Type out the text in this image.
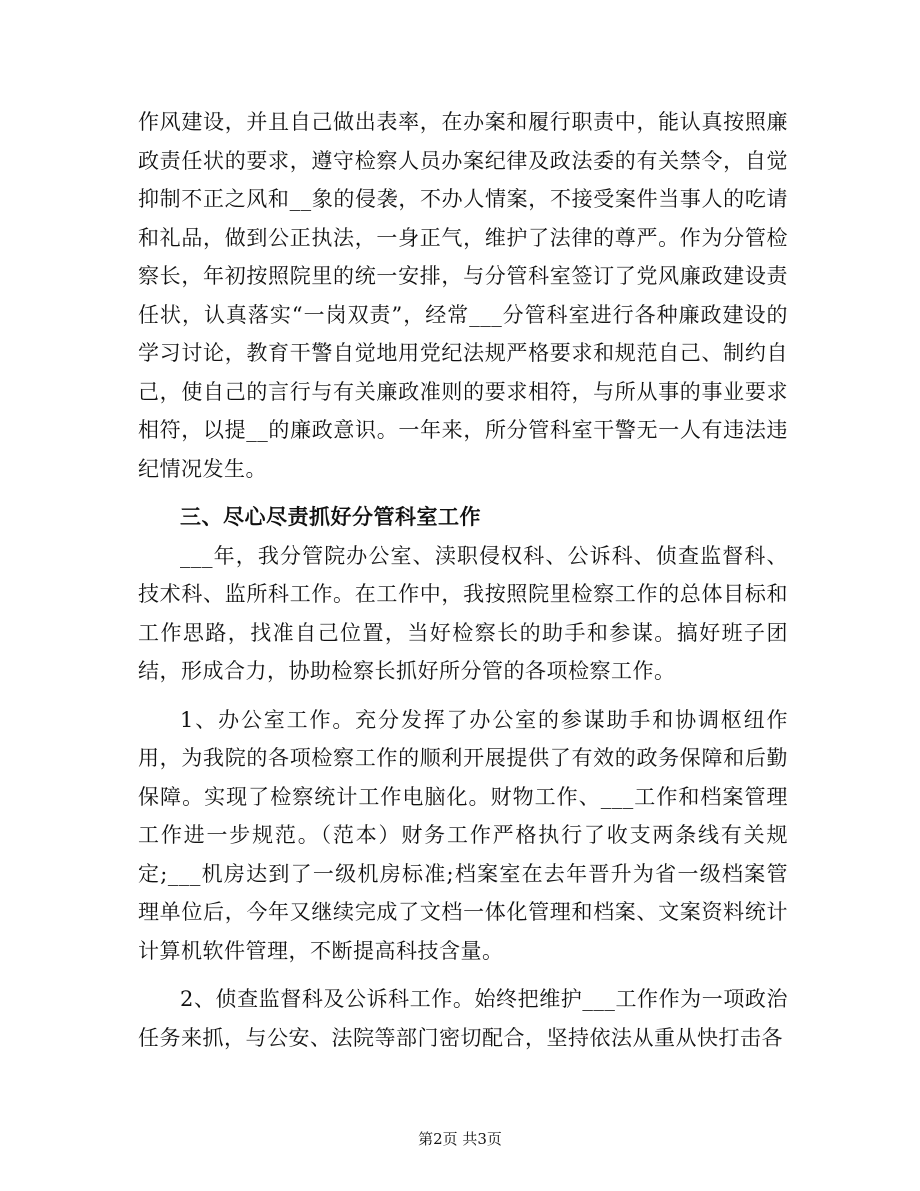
作风建设，并且自己做出表率，在办案和履行职责中，能认真按照廉政责任状的要求，遵守检察人员办案纪律及政法委的有关禁令，自觉抑制不正之风和__象的侵袭，不办人情案，不接受案件当事人的吃请和礼品，做到公正执法，一身正气，维护了法律的尊严。作为分管检察长，年初按照院里的统一安排，与分管科室签订了党风廉政建设责任状，认真落实“一岗双责”，经常___分管科室进行各种廉政建设的学习讨论，教育干警自觉地用党纪法规严格要求和规范自己、制约自己，使自己的言行与有关廉政准则的要求相符，与所从事的事业要求相符，以提__的廉政意识。一年来，所分管科室干警无一人有违法违纪情况发生。

三、尽心尽责抓好分管科室工作

___年，我分管院办公室、渎职侵权科、公诉科、侦查监督科、技术科、监所科工作。在工作中，我按照院里检察工作的总体目标和工作思路，找准自己位置，当好检察长的助手和参谋。搞好班子团结，形成合力，协助检察长抓好所分管的各项检察工作。

1、办公室工作。充分发挥了办公室的参谋助手和协调枢纽作用，为我院的各项检察工作的顺利开展提供了有效的政务保障和后勤保障。实现了检察统计工作电脑化。财物工作、___工作和档案管理工作进一步规范。（范本）财务工作严格执行了收支两条线有关规定;___机房达到了一级机房标准;档案室在去年晋升为省一级档案管理单位后，今年又继续完成了文档一体化管理和档案、文案资料统计计算机软件管理，不断提高科技含量。

2、侦查监督科及公诉科工作。始终把维护___工作作为一项政治任务来抓，与公安、法院等部门密切配合，坚持依法从重从快打击各

第2页 共3页
